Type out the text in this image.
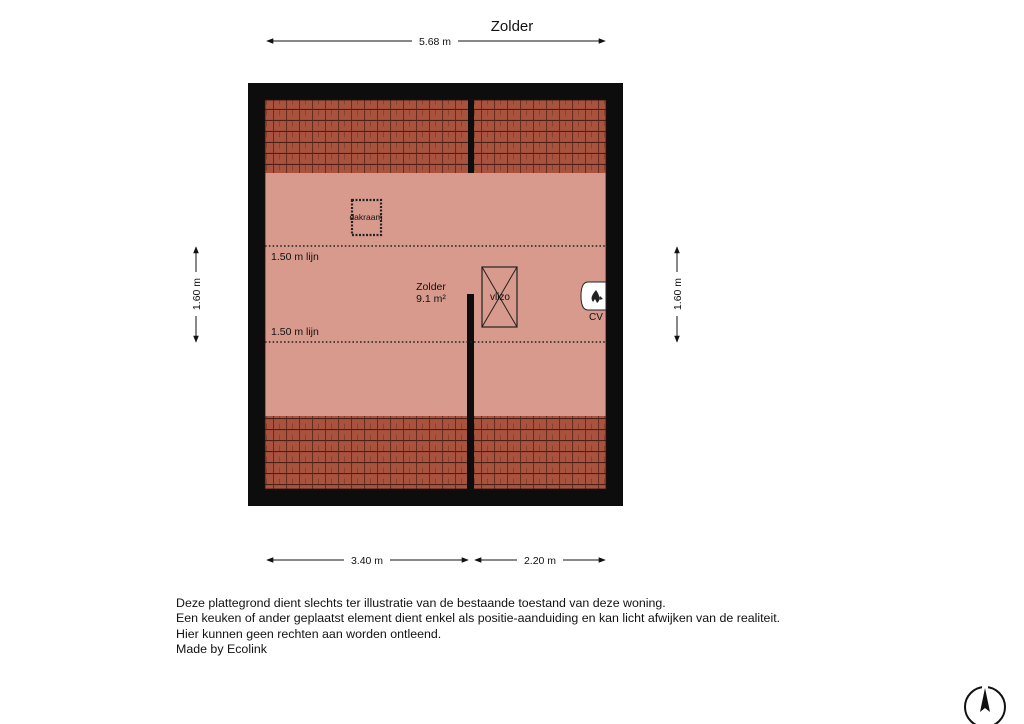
Zolder
5.68 m
1.50 m lijn
1.50 m lijn
dakraam
Zolder
9.1 m²	vlizo
CV
1.60 m	1.60 m
3.40 m	2.20 m
N
Deze plattegrond dient slechts ter illustratie van de bestaande toestand van deze woning.
Een keuken of ander geplaatst element dient enkel als positie-aanduiding en kan licht afwijken van de realiteit.
Hier kunnen geen rechten aan worden ontleend.
Made by Ecolink
